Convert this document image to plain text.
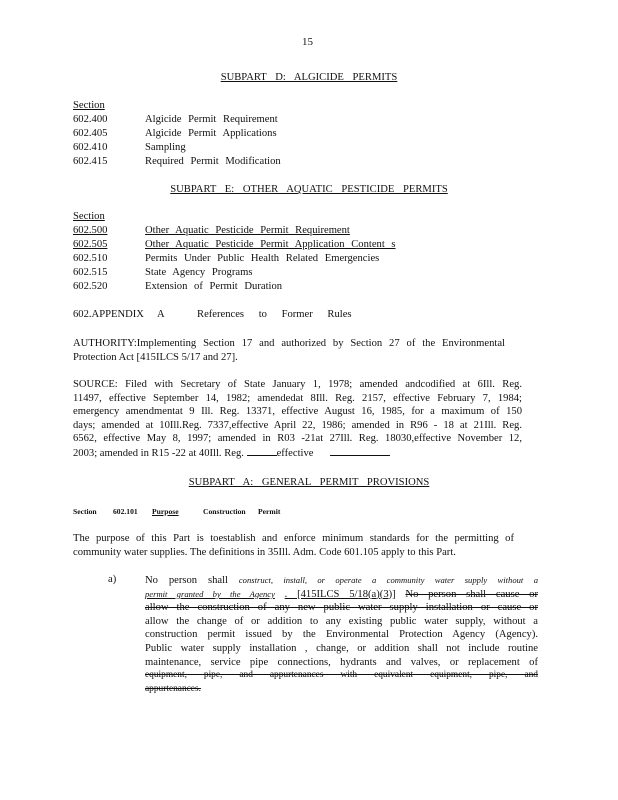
15
SUBPART D: ALGICIDE PERMITS
Section
602.400	Algicide Permit Requirement
602.405	Algicide Permit Applications
602.410	Sampling
602.415	Required Permit Modification
SUBPART E: OTHER AQUATIC PESTICIDE PERMITS
Section
602.500	Other Aquatic Pesticide Permit Requirement
602.505	Other Aquatic Pesticide Permit Application Content s
602.510	Permits Under Public Health Related Emergencies
602.515	State Agency Programs
602.520	Extension of Permit Duration
602.APPENDIX A	References to Former Rules
AUTHORITY:Implementing Section 17 and authorized by Section 27 of the Environmental
Protection Act [415ILCS 5/17 and 27].
SOURCE: Filed with Secretary of State January 1, 1978; amended andcodified at 6Ill. Reg.
11497, effective September 14, 1982; amendedat 8Ill. Reg. 2157, effective February 7, 1984;
emergency amendmentat 9 Ill. Reg. 13371, effective August 16, 1985, for a maximum of 150
days; amended at 10Ill.Reg. 7337,effective April 22, 1986; amended in R96 - 18 at 21Ill. Reg.
6562, effective May 8, 1997; amended in R03 -21at 27Ill. Reg. 18030,effective November 12,
2003; amended in R15 -22 at 40Ill. Reg.	effective
SUBPART A: GENERAL PERMIT PROVISIONS
Section 602.101 Purpose	Construction Permit
The purpose of this Part is toestablish and enforce minimum standards for the permitting of
community water supplies. The definitions in 35Ill. Adm. Code 601.105 apply to this Part.
a)	No person shall construct, install, or operate a community water supply without a
permit granted by the Agency . [415ILCS 5/18(a)(3)] No person shall cause or
allow the construction of any new public water supply installation or cause or
allow the change of or addition to any existing public water supply, without a
construction permit issued by the Environmental Protection Agency (Agency).
Public water supply installation , change, or addition shall not include routine
maintenance, service pipe connections, hydrants and valves, or replacement of
equipment, pipe, and appurtenances with equivalent equipment, pipe, and
appurtenances.
